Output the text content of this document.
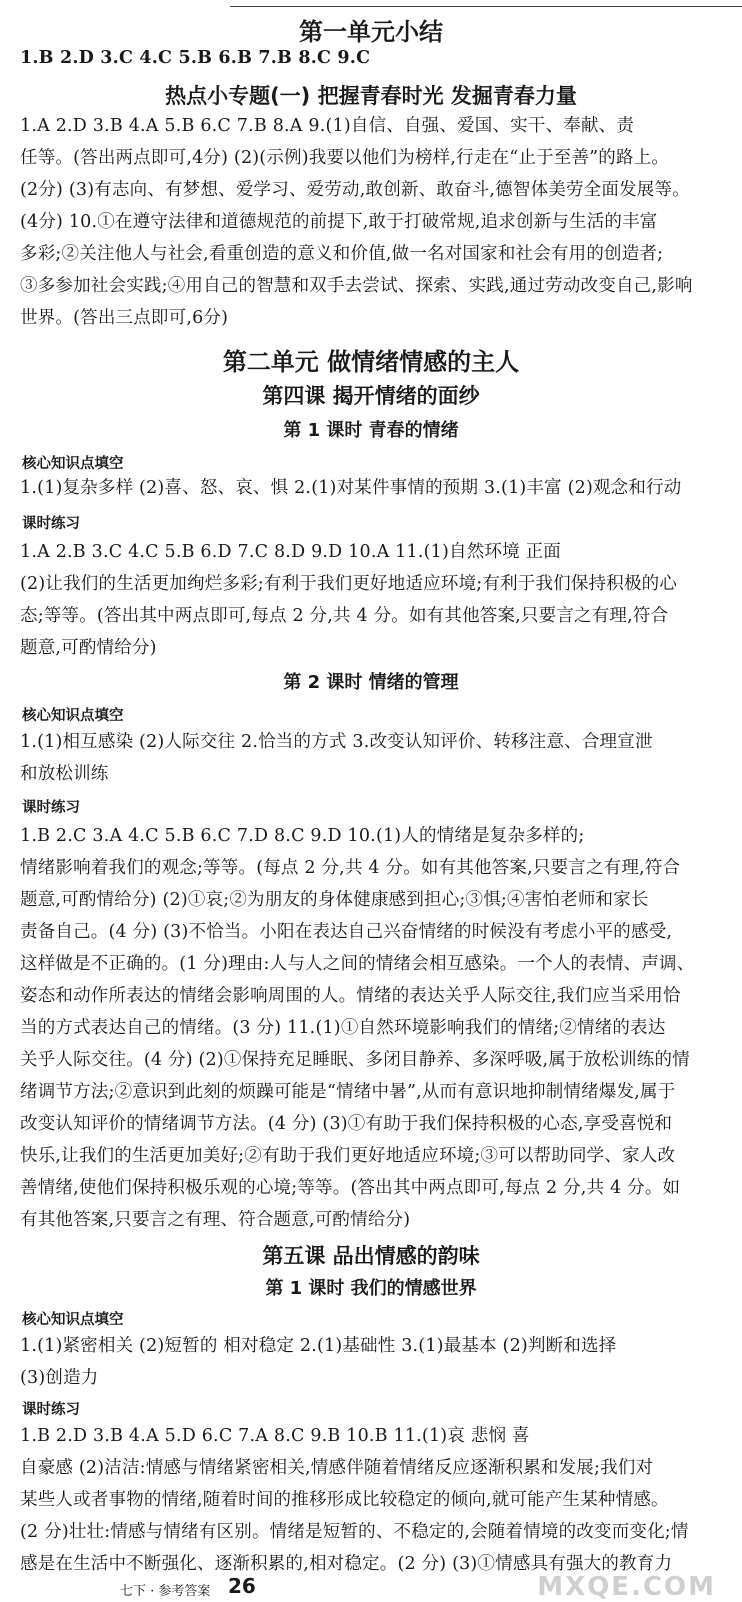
第一单元小结
1.B 2.D 3.C 4.C 5.B 6.B 7.B 8.C 9.C
热点小专题(一) 把握青春时光 发掘青春力量
1.A 2.D 3.B 4.A 5.B 6.C 7.B 8.A 9.(1)自信、自强、爱国、实干、奉献、责
任等。(答出两点即可,4分) (2)(示例)我要以他们为榜样,行走在“止于至善”的路上。
(2分) (3)有志向、有梦想、爱学习、爱劳动,敢创新、敢奋斗,德智体美劳全面发展等。
(4分) 10.①在遵守法律和道德规范的前提下,敢于打破常规,追求创新与生活的丰富
多彩;②关注他人与社会,看重创造的意义和价值,做一名对国家和社会有用的创造者;
③多参加社会实践;④用自己的智慧和双手去尝试、探索、实践,通过劳动改变自己,影响
世界。(答出三点即可,6分)
第二单元 做情绪情感的主人
第四课 揭开情绪的面纱
第 1 课时 青春的情绪
核心知识点填空
1.(1)复杂多样 (2)喜、怒、哀、惧 2.(1)对某件事情的预期 3.(1)丰富 (2)观念和行动
课时练习
1.A 2.B 3.C 4.C 5.B 6.D 7.C 8.D 9.D 10.A 11.(1)自然环境 正面
(2)让我们的生活更加绚烂多彩;有利于我们更好地适应环境;有利于我们保持积极的心
态;等等。(答出其中两点即可,每点 2 分,共 4 分。如有其他答案,只要言之有理,符合
题意,可酌情给分)
第 2 课时 情绪的管理
核心知识点填空
1.(1)相互感染 (2)人际交往 2.恰当的方式 3.改变认知评价、转移注意、合理宣泄
和放松训练
课时练习
1.B 2.C 3.A 4.C 5.B 6.C 7.D 8.C 9.D 10.(1)人的情绪是复杂多样的;
情绪影响着我们的观念;等等。(每点 2 分,共 4 分。如有其他答案,只要言之有理,符合
题意,可酌情给分) (2)①哀;②为朋友的身体健康感到担心;③惧;④害怕老师和家长
责备自己。(4 分) (3)不恰当。小阳在表达自己兴奋情绪的时候没有考虑小平的感受,
这样做是不正确的。(1 分)理由:人与人之间的情绪会相互感染。一个人的表情、声调、
姿态和动作所表达的情绪会影响周围的人。情绪的表达关乎人际交往,我们应当采用恰
当的方式表达自己的情绪。(3 分) 11.(1)①自然环境影响我们的情绪;②情绪的表达
关乎人际交往。(4 分) (2)①保持充足睡眠、多闭目静养、多深呼吸,属于放松训练的情
绪调节方法;②意识到此刻的烦躁可能是“情绪中暑”,从而有意识地抑制情绪爆发,属于
改变认知评价的情绪调节方法。(4 分) (3)①有助于我们保持积极的心态,享受喜悦和
快乐,让我们的生活更加美好;②有助于我们更好地适应环境;③可以帮助同学、家人改
善情绪,使他们保持积极乐观的心境;等等。(答出其中两点即可,每点 2 分,共 4 分。如
有其他答案,只要言之有理、符合题意,可酌情给分)
第五课 品出情感的韵味
第 1 课时 我们的情感世界
核心知识点填空
1.(1)紧密相关 (2)短暂的 相对稳定 2.(1)基础性 3.(1)最基本 (2)判断和选择
(3)创造力
课时练习
1.B 2.D 3.B 4.A 5.D 6.C 7.A 8.C 9.B 10.B 11.(1)哀 悲悯 喜
自豪感 (2)洁洁:情感与情绪紧密相关,情感伴随着情绪反应逐渐积累和发展;我们对
某些人或者事物的情绪,随着时间的推移形成比较稳定的倾向,就可能产生某种情感。
(2 分)壮壮:情感与情绪有区别。情绪是短暂的、不稳定的,会随着情境的改变而变化;情
感是在生活中不断强化、逐渐积累的,相对稳定。(2 分) (3)①情感具有强大的教育力
七下 · 参考答案 26	MXQE.COM
